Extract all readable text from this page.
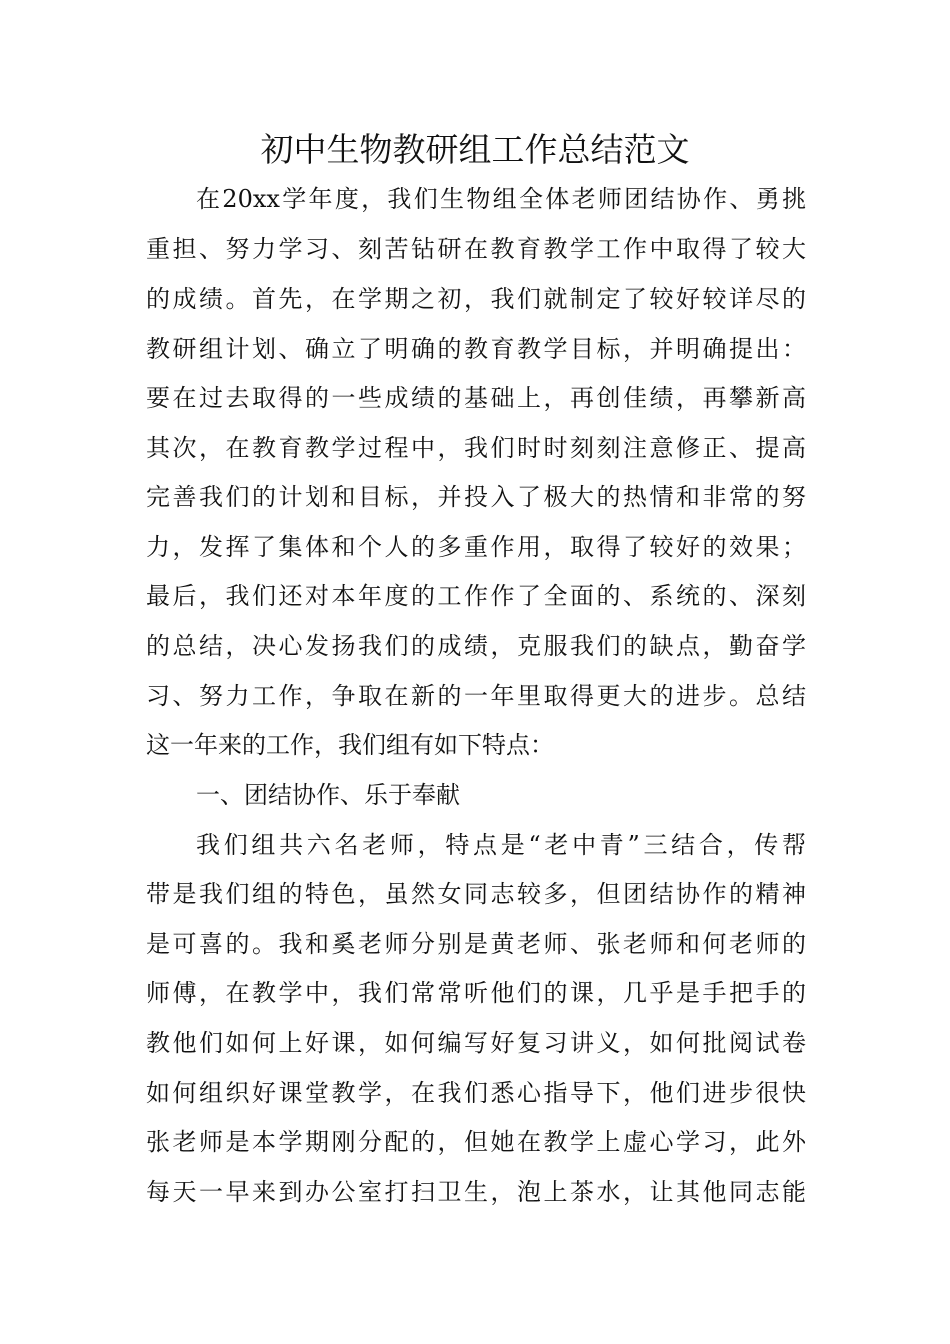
初中生物教研组工作总结范文
在20xx学年度，我们生物组全体老师团结协作、勇挑
重担、努力学习、刻苦钻研在教育教学工作中取得了较大
的成绩。首先，在学期之初，我们就制定了较好较详尽的
教研组计划、确立了明确的教育教学目标，并明确提出：
要在过去取得的一些成绩的基础上，再创佳绩，再攀新高
其次，在教育教学过程中，我们时时刻刻注意修正、提高
完善我们的计划和目标，并投入了极大的热情和非常的努
力，发挥了集体和个人的多重作用，取得了较好的效果；
最后，我们还对本年度的工作作了全面的、系统的、深刻
的总结，决心发扬我们的成绩，克服我们的缺点，勤奋学
习、努力工作，争取在新的一年里取得更大的进步。总结
这一年来的工作，我们组有如下特点：
一、团结协作、乐于奉献
我们组共六名老师，特点是“老中青”三结合，传帮
带是我们组的特色，虽然女同志较多，但团结协作的精神
是可喜的。我和奚老师分别是黄老师、张老师和何老师的
师傅，在教学中，我们常常听他们的课，几乎是手把手的
教他们如何上好课，如何编写好复习讲义，如何批阅试卷
如何组织好课堂教学，在我们悉心指导下，他们进步很快
张老师是本学期刚分配的，但她在教学上虚心学习，此外
每天一早来到办公室打扫卫生，泡上茶水，让其他同志能
